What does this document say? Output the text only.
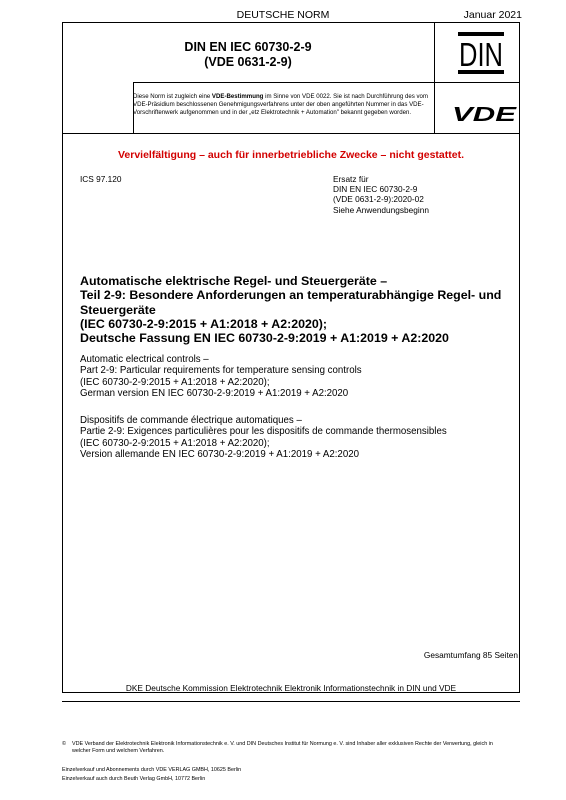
DEUTSCHE NORM	Januar 2021
DIN EN IEC 60730-2-9
(VDE 0631-2-9)	DIN
Diese Norm ist zugleich eine VDE-Bestimmung im Sinne von VDE 0022. Sie ist nach Durchführung des vom VDE-Präsidium beschlossenen Genehmigungsverfahrens unter der oben angeführten Nummer in das VDE-Vorschriftenwerk aufgenommen und in der „etz Elektrotechnik + Automation" bekannt gegeben worden.	VDE
Vervielfältigung – auch für innerbetriebliche Zwecke – nicht gestattet.
ICS 97.120	Ersatz für
DIN EN IEC 60730-2-9
(VDE 0631-2-9):2020-02
Siehe Anwendungsbeginn
Automatische elektrische Regel- und Steuergeräte –
Teil 2-9: Besondere Anforderungen an temperaturabhängige Regel- und
Steuergeräte
(IEC 60730-2-9:2015 + A1:2018 + A2:2020);
Deutsche Fassung EN IEC 60730-2-9:2019 + A1:2019 + A2:2020
Automatic electrical controls –
Part 2-9: Particular requirements for temperature sensing controls
(IEC 60730-2-9:2015 + A1:2018 + A2:2020);
German version EN IEC 60730-2-9:2019 + A1:2019 + A2:2020
Dispositifs de commande électrique automatiques –
Partie 2-9: Exigences particulières pour les dispositifs de commande thermosensibles
(IEC 60730-2-9:2015 + A1:2018 + A2:2020);
Version allemande EN IEC 60730-2-9:2019 + A1:2019 + A2:2020
Gesamtumfang 85 Seiten
DKE Deutsche Kommission Elektrotechnik Elektronik Informationstechnik in DIN und VDE
©	VDE Verband der Elektrotechnik Elektronik Informationstechnik e. V. und DIN Deutsches Institut für Normung e. V. sind Inhaber aller exklusiven Rechte der Verwertung, gleich in welcher Form und welchem Verfahren.
Einzelverkauf und Abonnements durch VDE VERLAG GMBH, 10625 Berlin
Einzelverkauf auch durch Beuth Verlag GmbH, 10772 Berlin
